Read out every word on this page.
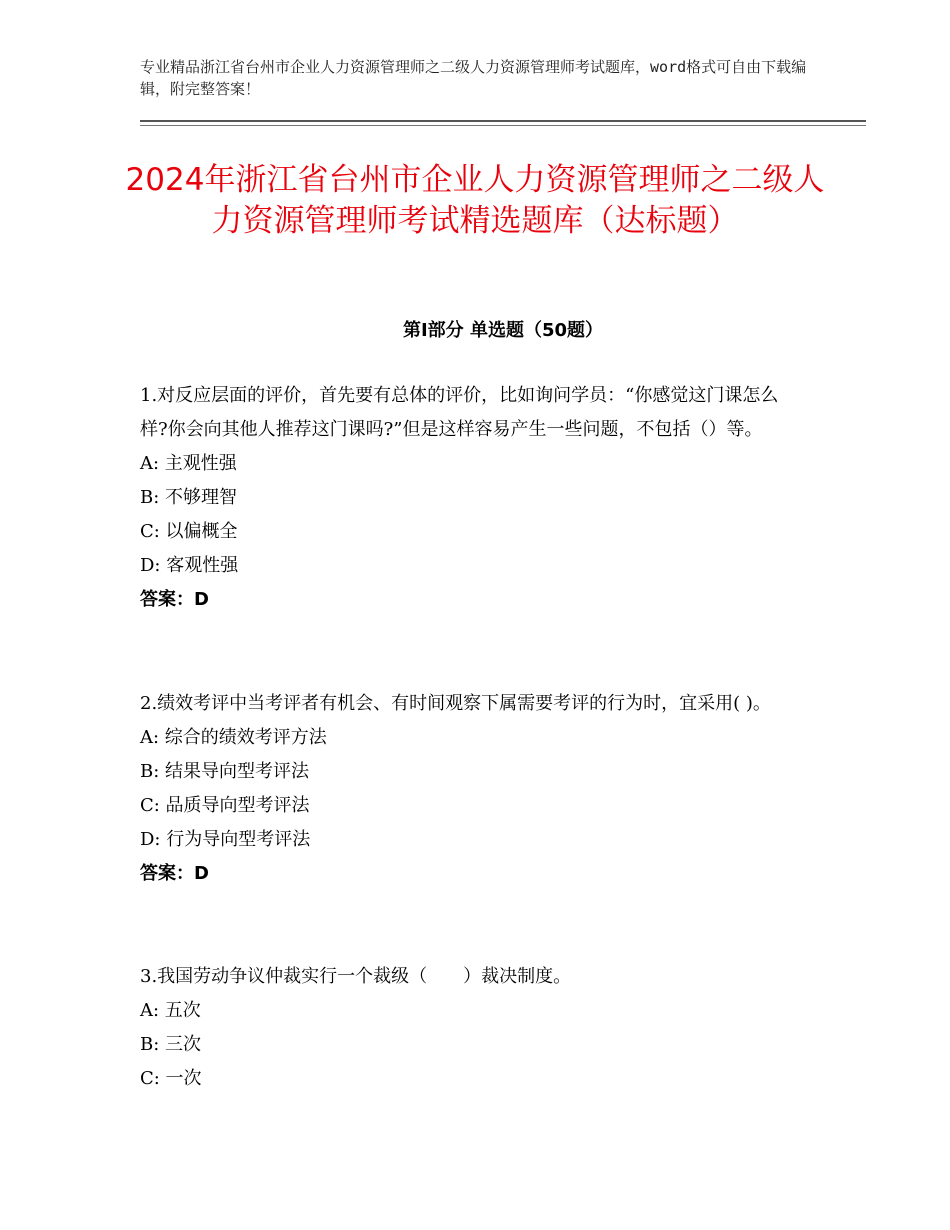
专业精品浙江省台州市企业人力资源管理师之二级人力资源管理师考试题库，word格式可自由下载编辑，附完整答案！
2024年浙江省台州市企业人力资源管理师之二级人力资源管理师考试精选题库（达标题）
第Ⅰ部分 单选题（50题）

1.对反应层面的评价，首先要有总体的评价，比如询问学员：“你感觉这门课怎么样?你会向其他人推荐这门课吗?”但是这样容易产生一些问题，不包括（）等。

A: 主观性强
B: 不够理智
C: 以偏概全
D: 客观性强
答案：D

2.绩效考评中当考评者有机会、有时间观察下属需要考评的行为时，宜采用( )。

A: 综合的绩效考评方法
B: 结果导向型考评法
C: 品质导向型考评法
D: 行为导向型考评法
答案：D

3.我国劳动争议仲裁实行一个裁级（　　）裁决制度。

A: 五次
B: 三次
C: 一次
